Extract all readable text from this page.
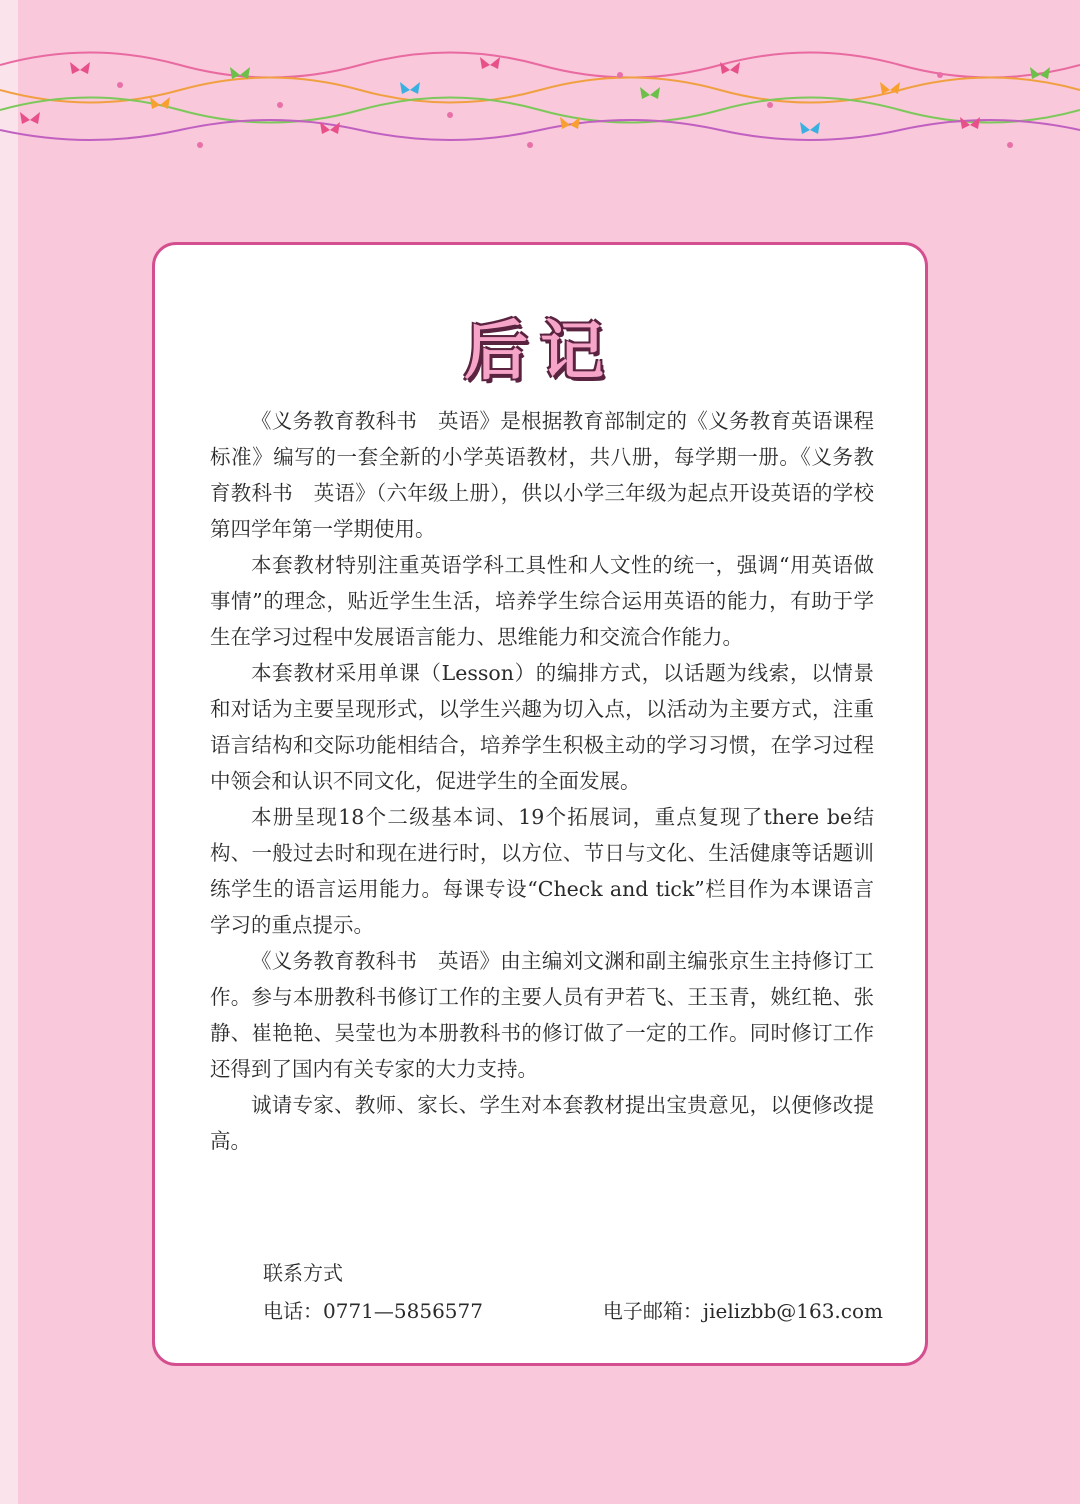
后记

《义务教育教科书　英语》是根据教育部制定的《义务教育英语课程标准》编写的一套全新的小学英语教材，共八册，每学期一册。《义务教育教科书　英语》（六年级上册），供以小学三年级为起点开设英语的学校第四学年第一学期使用。

本套教材特别注重英语学科工具性和人文性的统一，强调“用英语做事情”的理念，贴近学生生活，培养学生综合运用英语的能力，有助于学生在学习过程中发展语言能力、思维能力和交流合作能力。

本套教材采用单课（Lesson）的编排方式，以话题为线索，以情景和对话为主要呈现形式，以学生兴趣为切入点，以活动为主要方式，注重语言结构和交际功能相结合，培养学生积极主动的学习习惯，在学习过程中领会和认识不同文化，促进学生的全面发展。

本册呈现18个二级基本词、19个拓展词，重点复现了there be结构、一般过去时和现在进行时，以方位、节日与文化、生活健康等话题训练学生的语言运用能力。每课专设“Check and tick”栏目作为本课语言学习的重点提示。

《义务教育教科书　英语》由主编刘文渊和副主编张京生主持修订工作。参与本册教科书修订工作的主要人员有尹若飞、王玉青，姚红艳、张静、崔艳艳、吴莹也为本册教科书的修订做了一定的工作。同时修订工作还得到了国内有关专家的大力支持。

诚请专家、教师、家长、学生对本套教材提出宝贵意见，以便修改提高。

联系方式
电话：0771—5856577	电子邮箱：jielizbb@163.com
